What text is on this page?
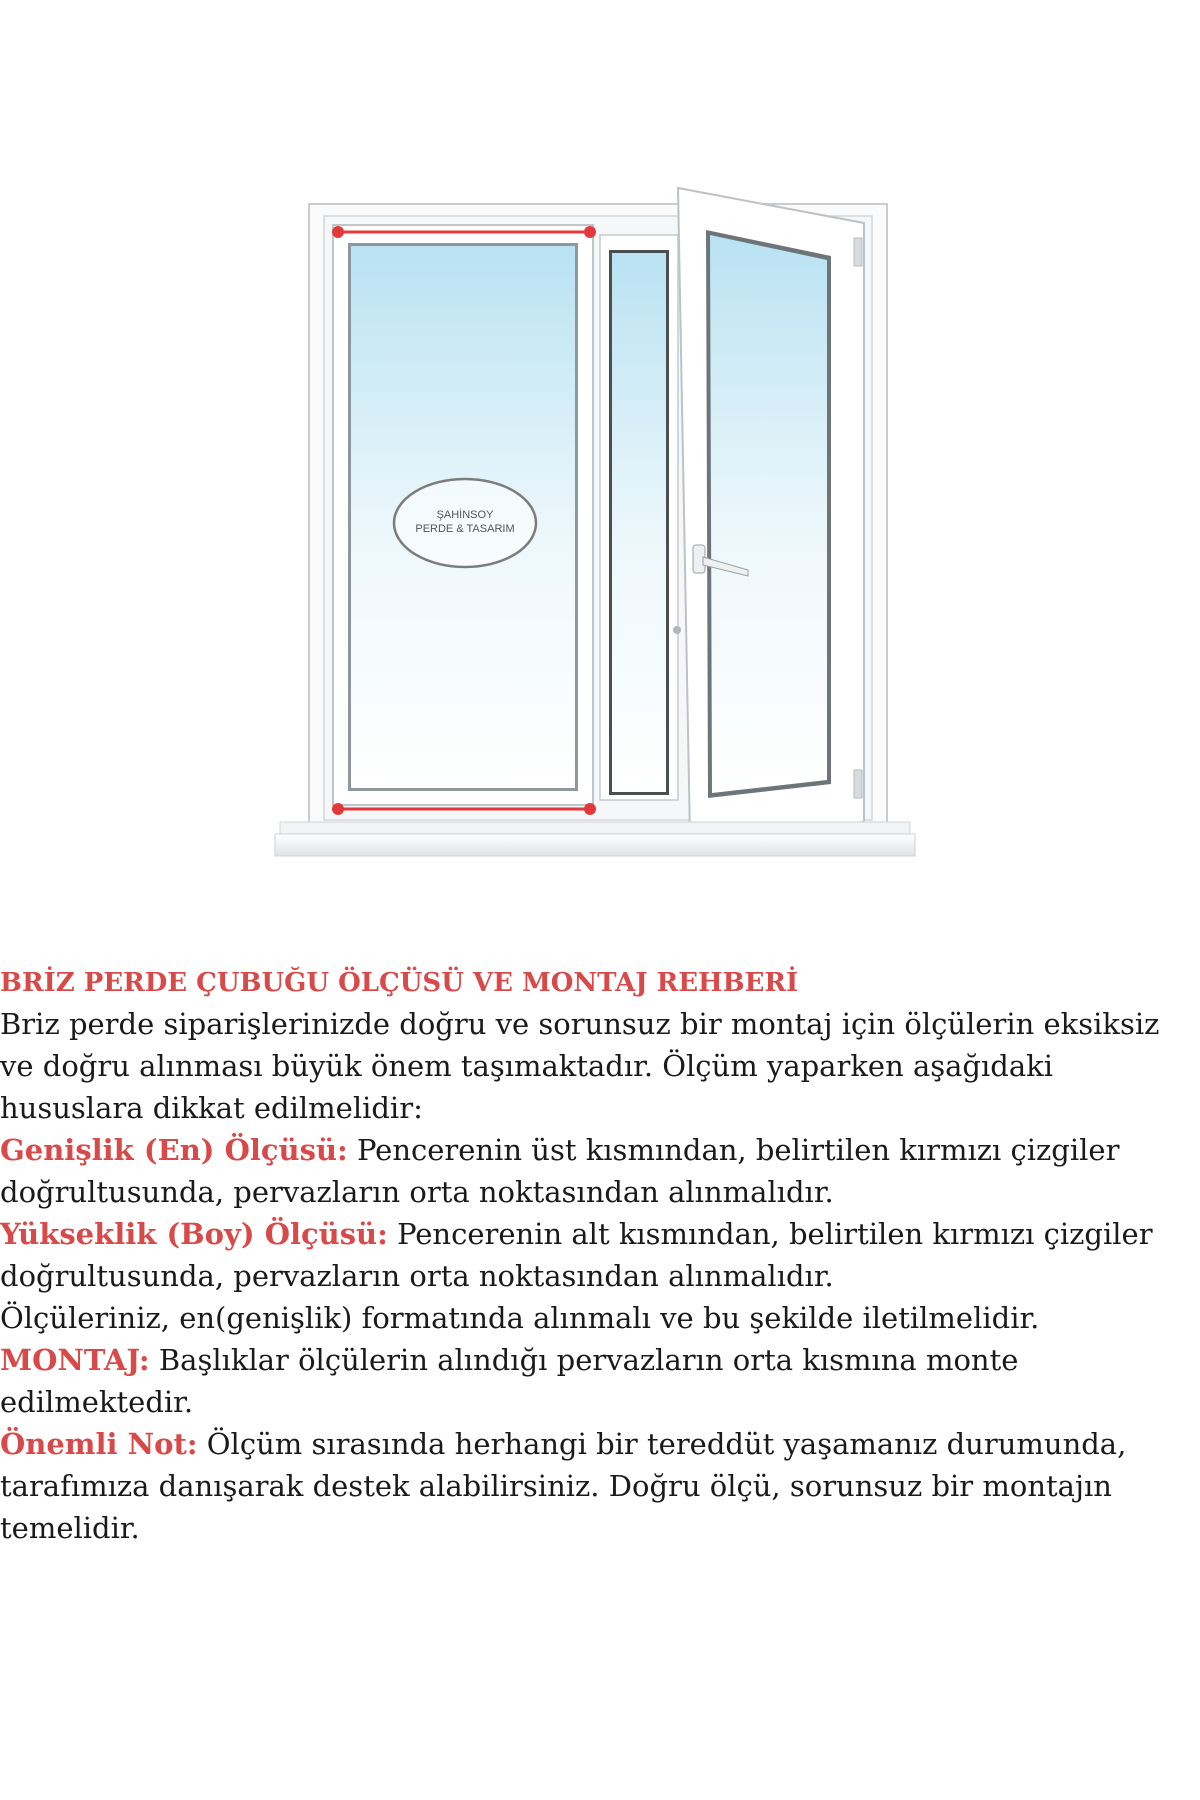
ŞAHİNSOY
PERDE & TASARIM
BRİZ PERDE ÇUBUĞU ÖLÇÜSÜ VE MONTAJ REHBERİ

Briz perde siparişlerinizde doğru ve sorunsuz bir montaj için ölçülerin eksiksiz ve doğru alınması büyük önem taşımaktadır. Ölçüm yaparken aşağıdaki hususlara dikkat edilmelidir:

Genişlik (En) Ölçüsü: Pencerenin üst kısmından, belirtilen kırmızı çizgiler doğrultusunda, pervazların orta noktasından alınmalıdır.

Yükseklik (Boy) Ölçüsü: Pencerenin alt kısmından, belirtilen kırmızı çizgiler doğrultusunda, pervazların orta noktasından alınmalıdır.

Ölçüleriniz, en(genişlik) formatında alınmalı ve bu şekilde iletilmelidir.

MONTAJ: Başlıklar ölçülerin alındığı pervazların orta kısmına monte edilmektedir.

Önemli Not: Ölçüm sırasında herhangi bir tereddüt yaşamanız durumunda, tarafımıza danışarak destek alabilirsiniz. Doğru ölçü, sorunsuz bir montajın temelidir.
